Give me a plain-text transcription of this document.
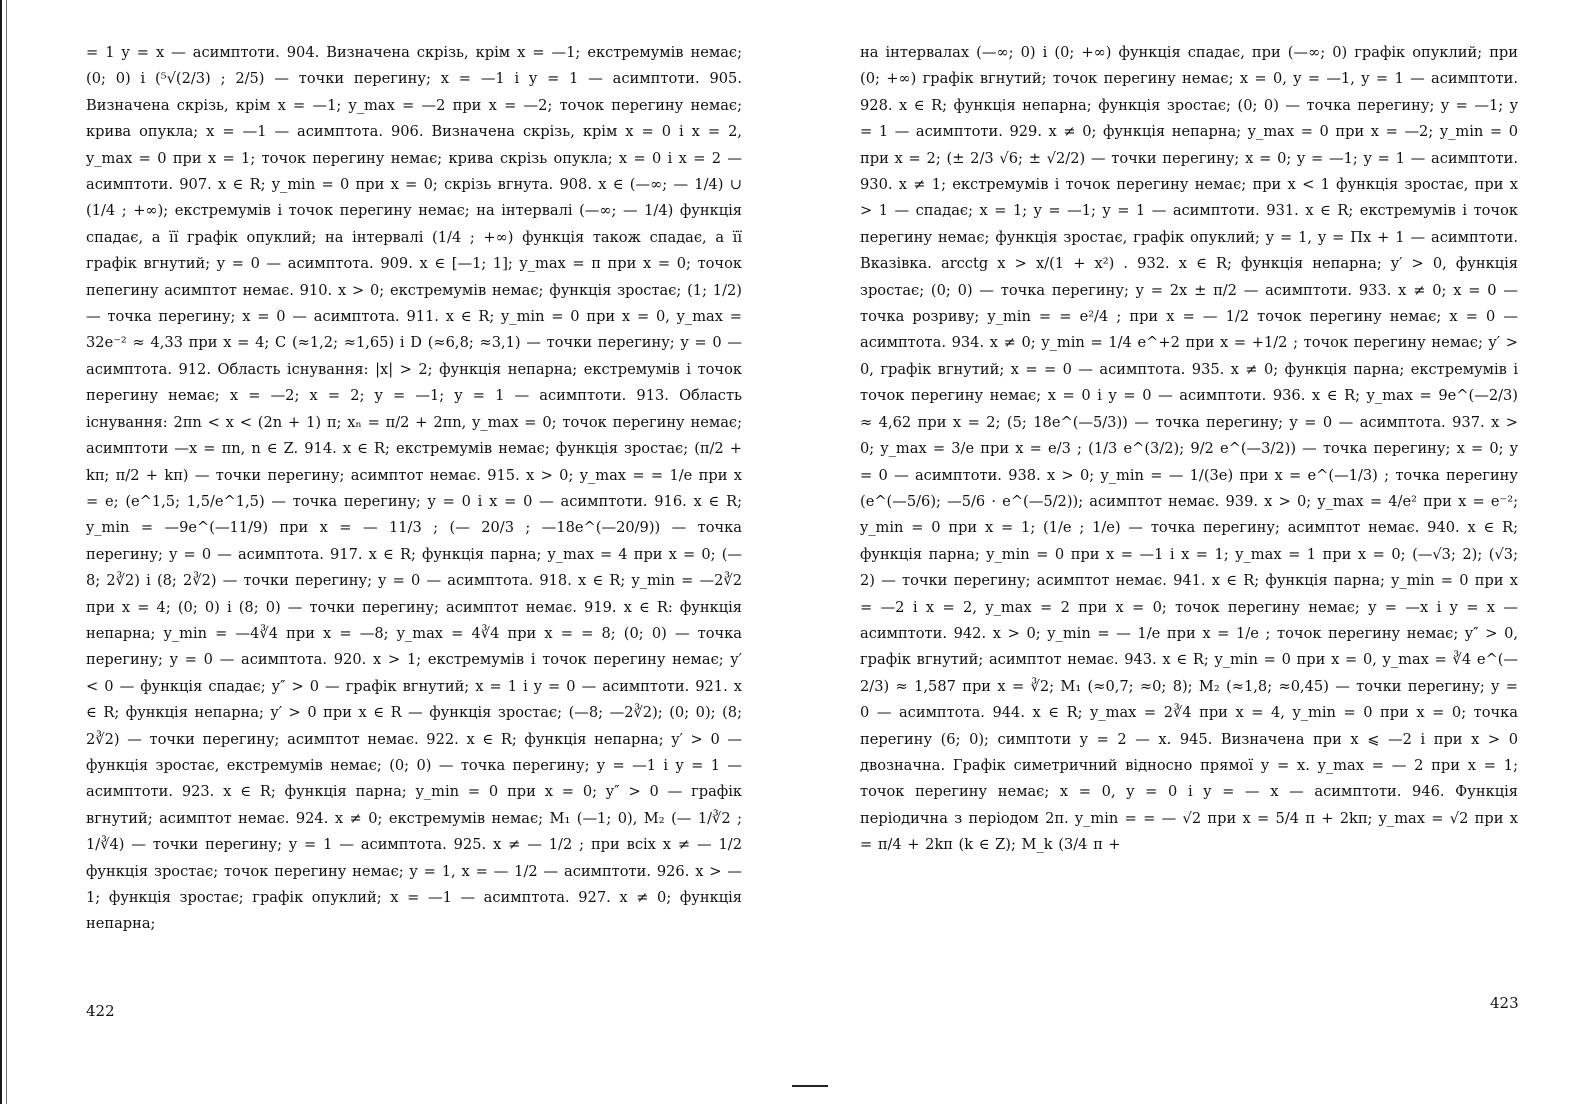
= 1 y = x — асимптоти. 904. Визначена скрізь, крім x = —1; екстремумів немає; (0; 0) і (⁵√(2/3) ; 2/5) — точки перегину; x = —1 і y = 1 — асимптоти. 905. Визначена скрізь, крім x = —1; y_max = —2 при x = —2; точок перегину немає; крива опукла; x = —1 — асимптота. 906. Визначена скрізь, крім x = 0 і x = 2, y_max = 0 при x = 1; точок перегину немає; крива скрізь опукла; x = 0 і x = 2 — асимптоти. 907. x ∈ R; y_min = 0 при x = 0; скрізь вгнута. 908. x ∈ (—∞; — 1/4) ∪ (1/4 ; +∞); екстремумів і точок перегину немає; на інтервалі (—∞; — 1/4) функція спадає, а її графік опуклий; на інтервалі (1/4 ; +∞) функція також спадає, а її графік вгнутий; y = 0 — асимптота. 909. x ∈ [—1; 1]; y_max = π при x = 0; точок пепегину асимптот немає. 910. x > 0; екстремумів немає; функція зростає; (1; 1/2) — точка перегину; x = 0 — асимптота. 911. x ∈ R; y_min = 0 при x = 0, y_max = 32e⁻² ≈ 4,33 при x = 4; C (≈1,2; ≈1,65) і D (≈6,8; ≈3,1) — точки перегину; y = 0 — асимптота. 912. Область існування: |x| > 2; функція непарна; екстремумів і точок перегину немає; x = —2; x = 2; y = —1; y = 1 — асимптоти. 913. Область існування: 2πn < x < (2n + 1) π; xₙ = π/2 + 2πn, y_max = 0; точок перегину немає; асимптоти —x = πn, n ∈ Z. 914. x ∈ R; екстремумів немає; функція зростає; (π/2 + kπ; π/2 + kπ) — точки перегину; асимптот немає. 915. x > 0; y_max = = 1/e при x = e; (e^1,5; 1,5/e^1,5) — точка перегину; y = 0 і x = 0 — асимптоти. 916. x ∈ R; y_min = —9e^(—11/9) при x = — 11/3 ; (— 20/3 ; —18e^(—20/9)) — точка перегину; y = 0 — асимптота. 917. x ∈ R; функція парна; y_max = 4 при x = 0; (—8; 2∛2) і (8; 2∛2) — точки перегину; y = 0 — асимптота. 918. x ∈ R; y_min = —2∛2 при x = 4; (0; 0) і (8; 0) — точки перегину; асимптот немає. 919. x ∈ R: функція непарна; y_min = —4∛4 при x = —8; y_max = 4∛4 при x = = 8; (0; 0) — точка перегину; y = 0 — асимптота. 920. x > 1; екстремумів і точок перегину немає; y′ < 0 — функція спадає; y″ > 0 — графік вгнутий; x = 1 і y = 0 — асимптоти. 921. x ∈ R; функція непарна; y′ > 0 при x ∈ R — функція зростає; (—8; —2∛2); (0; 0); (8; 2∛2) — точки перегину; асимптот немає. 922. x ∈ R; функція непарна; y′ > 0 — функція зростає, екстремумів немає; (0; 0) — точка перегину; y = —1 і y = 1 — асимптоти. 923. x ∈ R; функція парна; y_min = 0 при x = 0; y″ > 0 — графік вгнутий; асимптот немає. 924. x ≠ 0; екстремумів немає; M₁ (—1; 0), M₂ (— 1/∛2 ; 1/∛4) — точки перегину; y = 1 — асимптота. 925. x ≠ — 1/2 ; при всіх x ≠ — 1/2 функція зростає; точок перегину немає; y = 1, x = — 1/2 — асимптоти. 926. x > —1; функція зростає; графік опуклий; x = —1 — асимптота. 927. x ≠ 0; функція непарна;

422

на інтервалах (—∞; 0) і (0; +∞) функція спадає, при (—∞; 0) графік опуклий; при (0; +∞) графік вгнутий; точок перегину немає; x = 0, y = —1, y = 1 — асимптоти. 928. x ∈ R; функція непарна; функція зростає; (0; 0) — точка перегину; y = —1; y = 1 — асимптоти. 929. x ≠ 0; функція непарна; y_max = 0 при x = —2; y_min = 0 при x = 2; (± 2/3 √6; ± √2/2) — точки перегину; x = 0; y = —1; y = 1 — асимптоти. 930. x ≠ 1; екстремумів і точок перегину немає; при x < 1 функція зростає, при x > 1 — спадає; x = 1; y = —1; y = 1 — асимптоти. 931. x ∈ R; екстремумів і точок перегину немає; функція зростає, графік опуклий; y = 1, y = Πx + 1 — асимптоти. Вказівка. arcctg x > x/(1 + x²) . 932. x ∈ R; функція непарна; y′ > 0, функція зростає; (0; 0) — точка перегину; y = 2x ± π/2 — асимптоти. 933. x ≠ 0; x = 0 — точка розриву; y_min = = e²/4 ; при x = — 1/2 точок перегину немає; x = 0 — асимптота. 934. x ≠ 0; y_min = 1/4 e^+2 при x = +1/2 ; точок перегину немає; y′ > 0, графік вгнутий; x = = 0 — асимптота. 935. x ≠ 0; функція парна; екстремумів і точок перегину немає; x = 0 і y = 0 — асимптоти. 936. x ∈ R; y_max = 9e^(—2/3) ≈ 4,62 при x = 2; (5; 18e^(—5/3)) — точка перегину; y = 0 — асимптота. 937. x > 0; y_max = 3/e при x = e/3 ; (1/3 e^(3/2); 9/2 e^(—3/2)) — точка перегину; x = 0; y = 0 — асимптоти. 938. x > 0; y_min = — 1/(3e) при x = e^(—1/3) ; точка перегину (e^(—5/6); —5/6 · e^(—5/2)); асимптот немає. 939. x > 0; y_max = 4/e² при x = e⁻²; y_min = 0 при x = 1; (1/e ; 1/e) — точка перегину; асимптот немає. 940. x ∈ R; функція парна; y_min = 0 при x = —1 і x = 1; y_max = 1 при x = 0; (—√3; 2); (√3; 2) — точки перегину; асимптот немає. 941. x ∈ R; функція парна; y_min = 0 при x = —2 і x = 2, y_max = 2 при x = 0; точок перегину немає; y = —x і y = x — асимптоти. 942. x > 0; y_min = — 1/e при x = 1/e ; точок перегину немає; y″ > 0, графік вгнутий; асимптот немає. 943. x ∈ R; y_min = 0 при x = 0, y_max = ∛4 e^(—2/3) ≈ 1,587 при x = ∛2; M₁ (≈0,7; ≈0; 8); M₂ (≈1,8; ≈0,45) — точки перегину; y = 0 — асимптота. 944. x ∈ R; y_max = 2∛4 при x = 4, y_min = 0 при x = 0; точка перегину (6; 0); симптоти y = 2 — x. 945. Визначена при x ⩽ —2 і при x > 0 двозначна. Графік симетричний відносно прямої y = x. y_max = — 2 при x = 1; точок перегину немає; x = 0, y = 0 і y = — x — асимптоти. 946. Функція періодична з періодом 2π. y_min = = — √2 при x = 5/4 π + 2kπ; y_max = √2 при x = π/4 + 2kπ (k ∈ Z); M_k (3/4 π +

423
